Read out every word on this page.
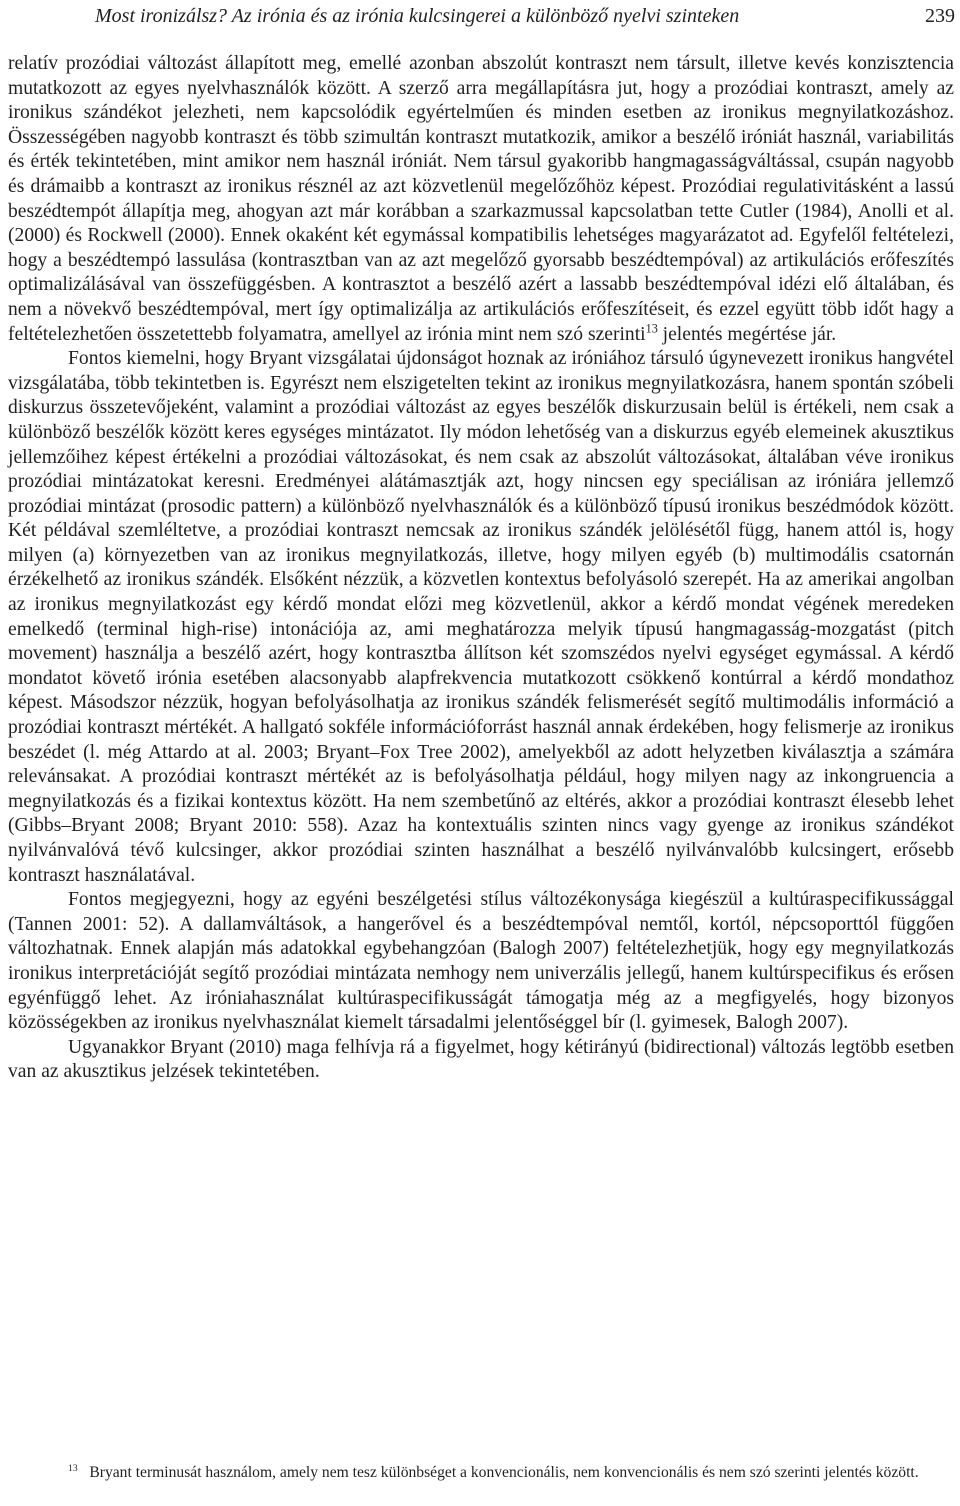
Most ironizálsz? Az irónia és az irónia kulcsingerei a különböző nyelvi szinteken	239

relatív prozódiai változást állapított meg, emellé azonban abszolút kontraszt nem társult, illetve kevés konzisztencia mutatkozott az egyes nyelvhasználók között. A szerző arra megállapításra jut, hogy a prozódiai kontraszt, amely az ironikus szándékot jelezheti, nem kapcsolódik egyértelműen és minden esetben az ironikus megnyilatkozáshoz. Összességében nagyobb kontraszt és több szimultán kontraszt mutatkozik, amikor a beszélő iróniát használ, variabilitás és érték tekintetében, mint amikor nem használ iróniát. Nem társul gyakoribb hangmagasságváltással, csupán nagyobb és drámaibb a kontraszt az ironikus résznél az azt közvetlenül megelőzőhöz képest. Prozódiai regulativitásként a lassú beszédtempót állapítja meg, ahogyan azt már korábban a szarkazmussal kapcsolatban tette Cutler (1984), Anolli et al. (2000) és Rockwell (2000). Ennek okaként két egymással kompatibilis lehetséges magyarázatot ad. Egyfelől feltételezi, hogy a beszédtempó lassulása (kontrasztban van az azt megelőző gyorsabb beszédtempóval) az artikulációs erőfeszítés optimalizálásával van összefüggésben. A kontrasztot a beszélő azért a lassabb beszédtempóval idézi elő általában, és nem a növekvő beszédtempóval, mert így optimalizálja az artikulációs erőfeszítéseit, és ezzel együtt több időt hagy a feltételezhetően összetettebb folyamatra, amellyel az irónia mint nem szó szerinti$^{13}$ jelentés megértése jár.

Fontos kiemelni, hogy Bryant vizsgálatai újdonságot hoznak az iróniához társuló úgynevezett ironikus hangvétel vizsgálatába, több tekintetben is. Egyrészt nem elszigetelten tekint az ironikus megnyilatkozásra, hanem spontán szóbeli diskurzus összetevőjeként, valamint a prozódiai változást az egyes beszélők diskurzusain belül is értékeli, nem csak a különböző beszélők között keres egységes mintázatot. Ily módon lehetőség van a diskurzus egyéb elemeinek akusztikus jellemzőihez képest értékelni a prozódiai változásokat, és nem csak az abszolút változásokat, általában véve ironikus prozódiai mintázatokat keresni. Eredményei alátámasztják azt, hogy nincsen egy speciálisan az iróniára jellemző prozódiai mintázat (prosodic pattern) a különböző nyelvhasználók és a különböző típusú ironikus beszédmódok között. Két példával szemléltetve, a prozódiai kontraszt nemcsak az ironikus szándék jelölésétől függ, hanem attól is, hogy milyen (a) környezetben van az ironikus megnyilatkozás, illetve, hogy milyen egyéb (b) multimodális csatornán érzékelhető az ironikus szándék. Elsőként nézzük, a közvetlen kontextus befolyásoló szerepét. Ha az amerikai angolban az ironikus megnyilatkozást egy kérdő mondat előzi meg közvetlenül, akkor a kérdő mondat végének meredeken emelkedő (terminal high-rise) intonációja az, ami meghatározza melyik típusú hangmagasság-mozgatást (pitch movement) használja a beszélő azért, hogy kontrasztba állítson két szomszédos nyelvi egységet egymással. A kérdő mondatot követő irónia esetében alacsonyabb alapfrekvencia mutatkozott csökkenő kontúrral a kérdő mondathoz képest. Másodszor nézzük, hogyan befolyásolhatja az ironikus szándék felismerését segítő multimodális információ a prozódiai kontraszt mértékét. A hallgató sokféle információforrást használ annak érdekében, hogy felismerje az ironikus beszédet (l. még Attardo at al. 2003; Bryant–Fox Tree 2002), amelyekből az adott helyzetben kiválasztja a számára relevánsakat. A prozódiai kontraszt mértékét az is befolyásolhatja például, hogy milyen nagy az inkongruencia a megnyilatkozás és a fizikai kontextus között. Ha nem szembetűnő az eltérés, akkor a prozódiai kontraszt élesebb lehet (Gibbs–Bryant 2008; Bryant 2010: 558). Azaz ha kontextuális szinten nincs vagy gyenge az ironikus szándékot nyilvánvalóvá tévő kulcsinger, akkor prozódiai szinten használhat a beszélő nyilvánvalóbb kulcsingert, erősebb kontraszt használatával.

Fontos megjegyezni, hogy az egyéni beszélgetési stílus változékonysága kiegészül a kultúraspecifikussággal (Tannen 2001: 52). A dallamváltások, a hangerővel és a beszédtempóval nemtől, kortól, népcsoporttól függően változhatnak. Ennek alapján más adatokkal egybehangzóan (Balogh 2007) feltételezhetjük, hogy egy megnyilatkozás ironikus interpretációját segítő prozódiai mintázata nemhogy nem univerzális jellegű, hanem kultúrspecifikus és erősen egyénfüggő lehet. Az iróniahasználat kultúraspecifikusságát támogatja még az a megfigyelés, hogy bizonyos közösségekben az ironikus nyelvhasználat kiemelt társadalmi jelentőséggel bír (l. gyimesek, Balogh 2007).

Ugyanakkor Bryant (2010) maga felhívja rá a figyelmet, hogy kétirányú (bidirectional) változás legtöbb esetben van az akusztikus jelzések tekintetében.

$^{13}$ Bryant terminusát használom, amely nem tesz különbséget a konvencionális, nem konvencionális és nem szó szerinti jelentés között.
